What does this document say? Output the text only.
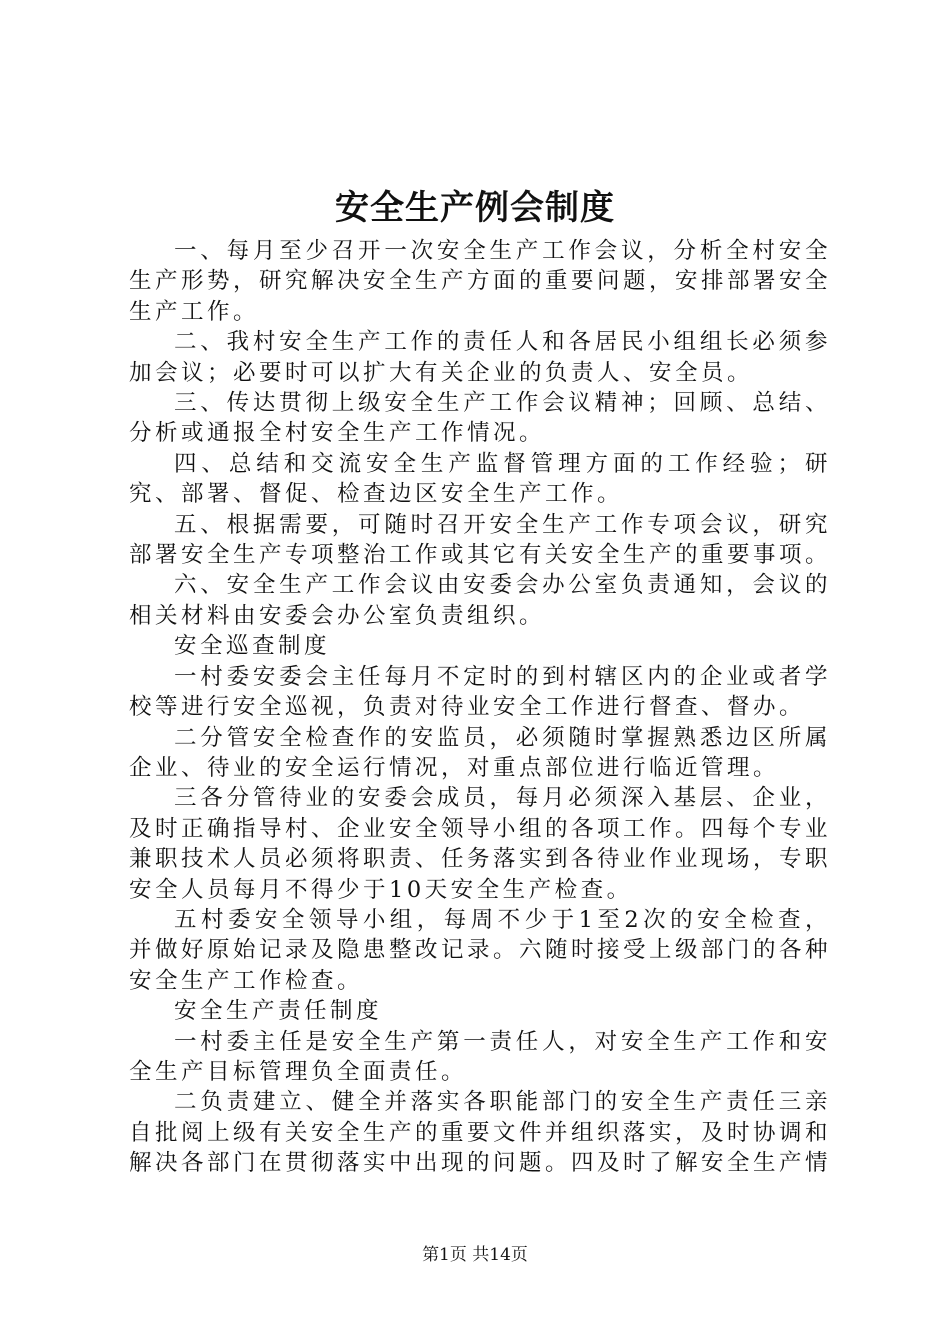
安全生产例会制度

一、每月至少召开一次安全生产工作会议，分析全村安全生产形势，研究解决安全生产方面的重要问题，安排部署安全生产工作。

二、我村安全生产工作的责任人和各居民小组组长必须参加会议；必要时可以扩大有关企业的负责人、安全员。

三、传达贯彻上级安全生产工作会议精神；回顾、总结、分析或通报全村安全生产工作情况。

四、总结和交流安全生产监督管理方面的工作经验；研究、部署、督促、检查边区安全生产工作。

五、根据需要，可随时召开安全生产工作专项会议，研究部署安全生产专项整治工作或其它有关安全生产的重要事项。

六、安全生产工作会议由安委会办公室负责通知，会议的相关材料由安委会办公室负责组织。

安全巡查制度

一村委安委会主任每月不定时的到村辖区内的企业或者学校等进行安全巡视，负责对待业安全工作进行督查、督办。

二分管安全检查作的安监员，必须随时掌握熟悉边区所属企业、待业的安全运行情况，对重点部位进行临近管理。

三各分管待业的安委会成员，每月必须深入基层、企业，及时正确指导村、企业安全领导小组的各项工作。四每个专业兼职技术人员必须将职责、任务落实到各待业作业现场，专职安全人员每月不得少于10天安全生产检查。

五村委安全领导小组，每周不少于1至2次的安全检查，并做好原始记录及隐患整改记录。六随时接受上级部门的各种安全生产工作检查。

安全生产责任制度

一村委主任是安全生产第一责任人，对安全生产工作和安全生产目标管理负全面责任。

二负责建立、健全并落实各职能部门的安全生产责任三亲自批阅上级有关安全生产的重要文件并组织落实，及时协调和解决各部门在贯彻落实中出现的问题。四及时了解安全生产情

第1页 共14页
